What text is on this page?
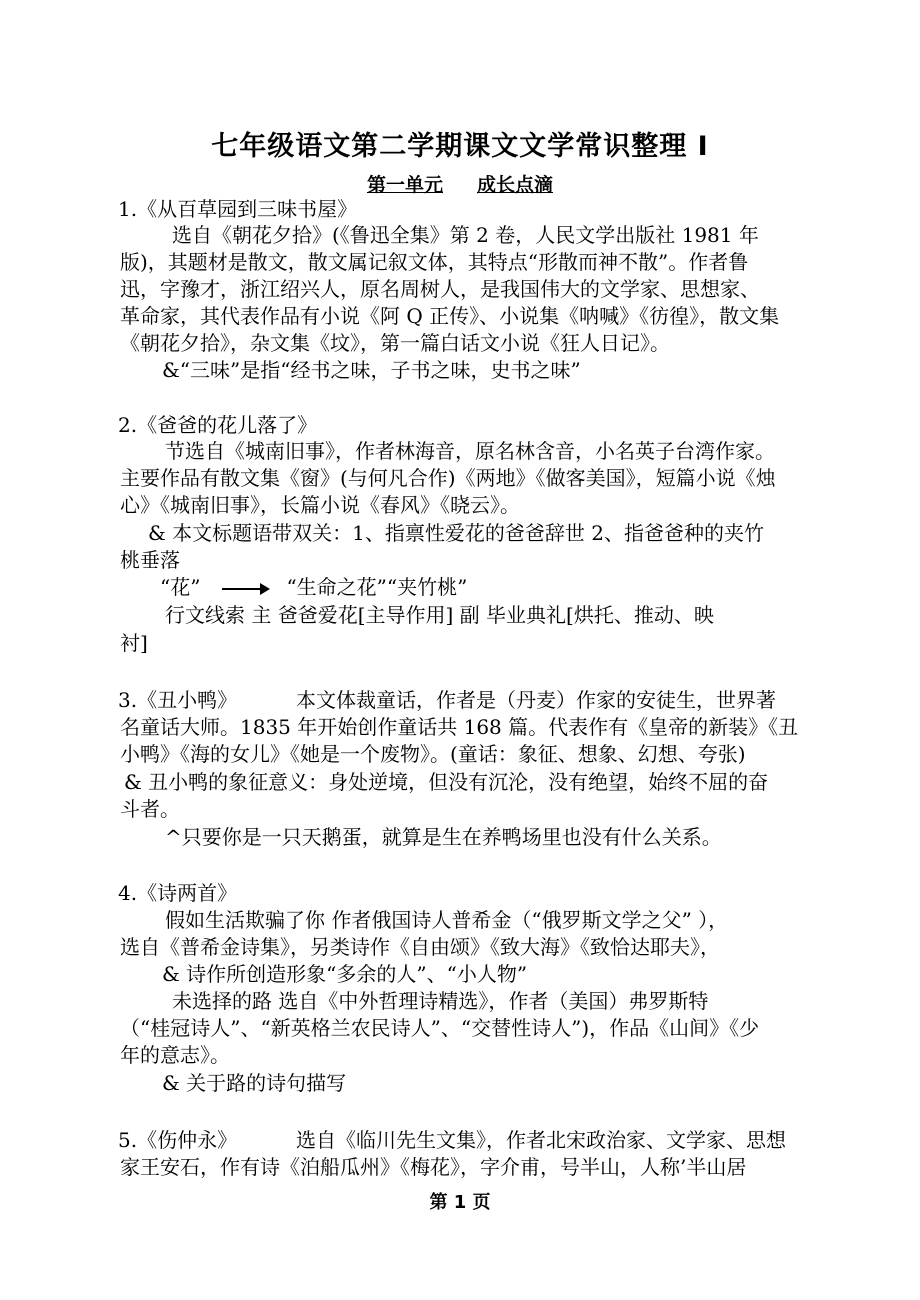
七年级语文第二学期课文文学常识整理 Ⅰ
第一单元 成长点滴
1.《从百草园到三味书屋》
选自《朝花夕拾》(《鲁迅全集》第 2 卷，人民文学出版社 1981 年
版)，其题材是散文，散文属记叙文体，其特点“形散而神不散”。作者鲁
迅，字豫才，浙江绍兴人，原名周树人，是我国伟大的文学家、思想家、
革命家，其代表作品有小说《阿 Q 正传》、小说集《呐喊》《彷徨》，散文集
《朝花夕拾》，杂文集《坟》，第一篇白话文小说《狂人日记》。
&“三味”是指“经书之味，子书之味，史书之味”
2.《爸爸的花儿落了》
节选自《城南旧事》，作者林海音，原名林含音，小名英子台湾作家。
主要作品有散文集《窗》(与何凡合作)《两地》《做客美国》，短篇小说《烛
心》《城南旧事》，长篇小说《春风》《晓云》。
& 本文标题语带双关：1、指禀性爱花的爸爸辞世 2、指爸爸种的夹竹
桃垂落
“花”	“生命之花”“夹竹桃”
行文线索 主 爸爸爱花[主导作用] 副 毕业典礼[烘托、推动、映
衬]
3.《丑小鸭》	本文体裁童话，作者是（丹麦）作家的安徒生，世界著
名童话大师。1835 年开始创作童话共 168 篇。代表作有《皇帝的新装》《丑
小鸭》《海的女儿》《她是一个废物》。(童话：象征、想象、幻想、夸张)
& 丑小鸭的象征意义：身处逆境，但没有沉沦，没有绝望，始终不屈的奋
斗者。
^只要你是一只天鹅蛋，就算是生在养鸭场里也没有什么关系。
4.《诗两首》
假如生活欺骗了你 作者俄国诗人普希金（“俄罗斯文学之父” ），
选自《普希金诗集》，另类诗作《自由颂》《致大海》《致恰达耶夫》，
& 诗作所创造形象“多余的人”、“小人物”
未选择的路 选自《中外哲理诗精选》，作者（美国）弗罗斯特
（“桂冠诗人”、“新英格兰农民诗人”、“交替性诗人”)，作品《山间》《少
年的意志》。
& 关于路的诗句描写
5.《伤仲永》	选自《临川先生文集》，作者北宋政治家、文学家、思想
家王安石，作有诗《泊船瓜州》《梅花》，字介甫，号半山，人称’半山居
第 1 页
